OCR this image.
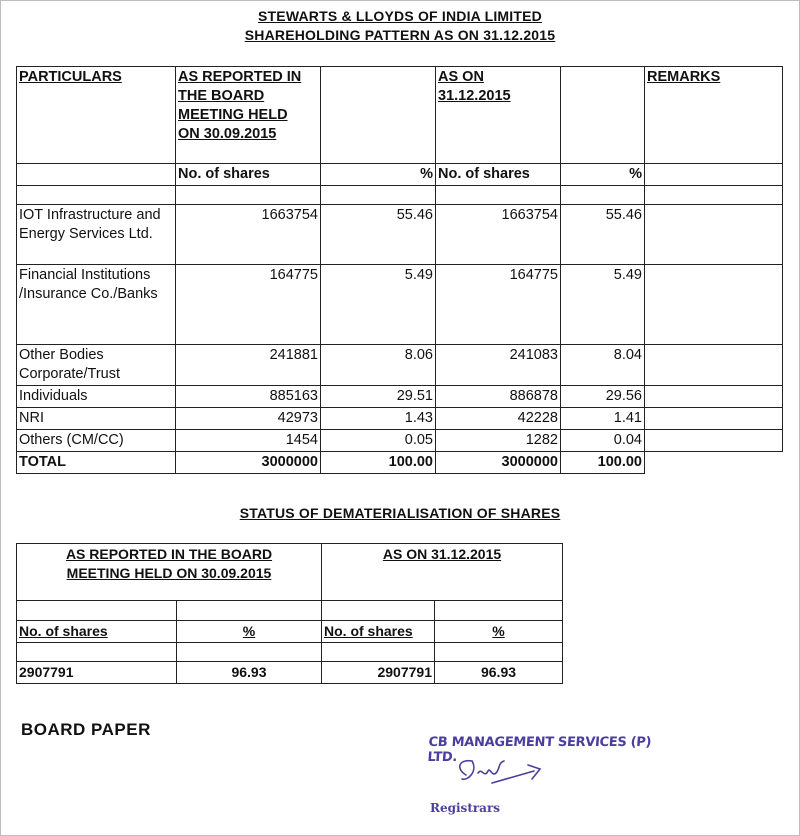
STEWARTS & LLOYDS OF INDIA LIMITED
SHAREHOLDING PATTERN AS ON 31.12.2015
PARTICULARS	AS REPORTED IN
THE BOARD
MEETING HELD
ON 30.09.2015		AS ON
31.12.2015		REMARKS
	No. of shares	%	No. of shares	%	

IOT Infrastructure and Energy Services Ltd.	1663754	55.46	1663754	55.46	
Financial Institutions /Insurance Co./Banks	164775	5.49	164775	5.49	
Other Bodies Corporate/Trust	241881	8.06	241083	8.04	
Individuals	885163	29.51	886878	29.56	
NRI	42973	1.43	42228	1.41	
Others (CM/CC)	1454	0.05	1282	0.04	
TOTAL	3000000	100.00	3000000	100.00	
STATUS OF DEMATERIALISATION OF SHARES
AS REPORTED IN THE BOARD
MEETING HELD ON 30.09.2015		AS ON 31.12.2015	

No. of shares	%	No. of shares	%

2907791	96.93	2907791	96.93
BOARD PAPER
CB MANAGEMENT SERVICES (P) LTD.
Registrars
